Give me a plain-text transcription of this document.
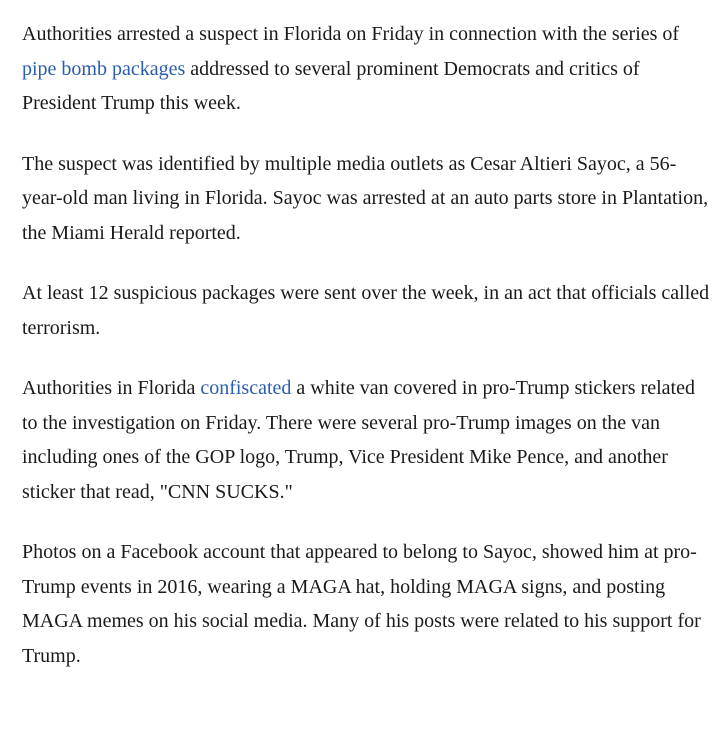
Authorities arrested a suspect in Florida on Friday in connection with the series of pipe bomb packages addressed to several prominent Democrats and critics of President Trump this week.

The suspect was identified by multiple media outlets as Cesar Altieri Sayoc, a 56-year-old man living in Florida. Sayoc was arrested at an auto parts store in Plantation, the Miami Herald reported.

At least 12 suspicious packages were sent over the week, in an act that officials called terrorism.

Authorities in Florida confiscated a white van covered in pro-Trump stickers related to the investigation on Friday. There were several pro-Trump images on the van including ones of the GOP logo, Trump, Vice President Mike Pence, and another sticker that read, "CNN SUCKS."

Photos on a Facebook account that appeared to belong to Sayoc, showed him at pro-Trump events in 2016, wearing a MAGA hat, holding MAGA signs, and posting MAGA memes on his social media. Many of his posts were related to his support for Trump.
